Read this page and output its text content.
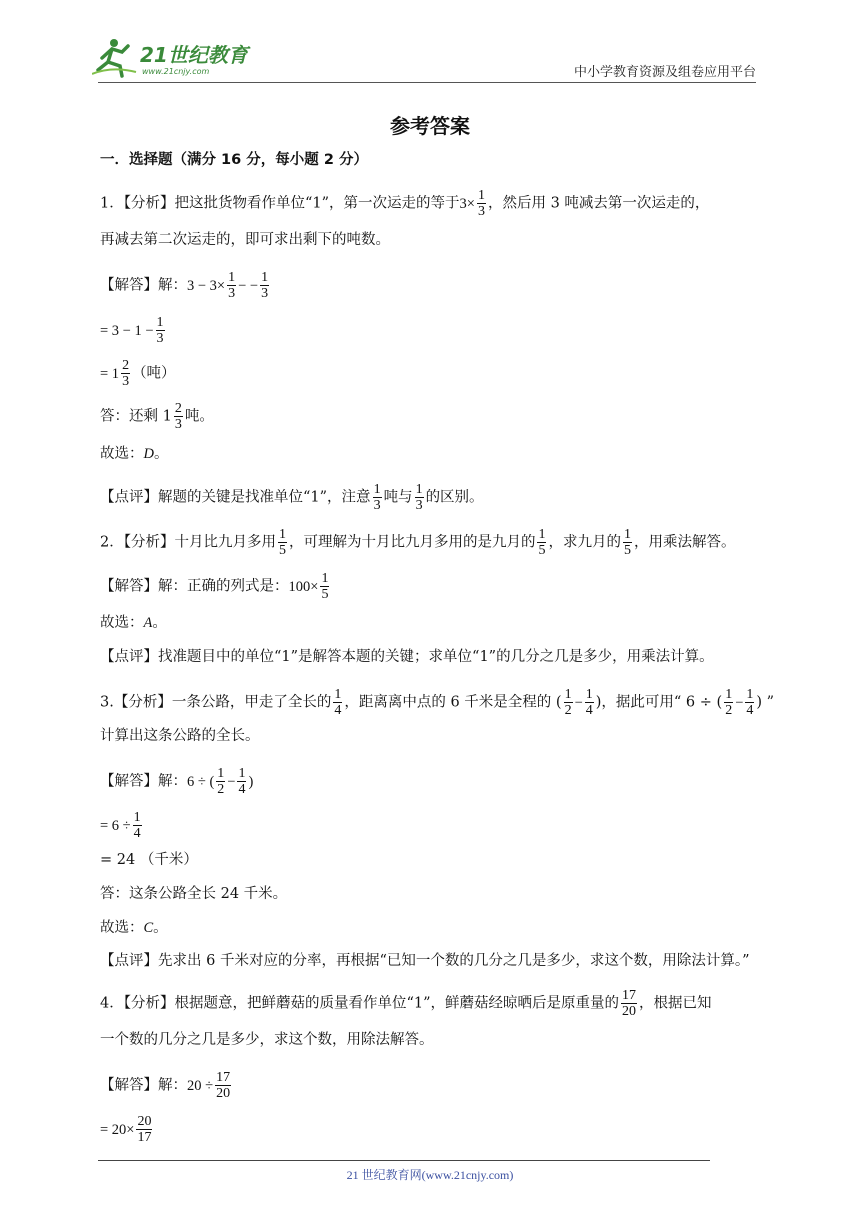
21世纪教育
www.21cnjy.com	中小学教育资源及组卷应用平台
参考答案
一．选择题（满分 16 分，每小题 2 分）
1．【分析】把这批货物看作单位“1”，第一次运走的等于$3\times \frac{1}{3}$ ，然后用 3 吨减去第一次运走的，
再减去第二次运走的，即可求出剩下的吨数。
【解答】解：$3 - 3\times \frac{1}{3}$ − − $\frac{1}{3}$
= $3 - 1 - \frac{1}{3}$
= $1 \frac{2}{3}$ （吨）
答：还剩 $1 \frac{2}{3}$ 吨。
故选：D。
【点评】解题的关键是找准单位“1”，注意 $\frac{1}{3}$ 吨与 $\frac{1}{3}$ 的区别。
2．【分析】十月比九月多用 $\frac{1}{5}$ ，可理解为十月比九月多用的是九月的 $\frac{1}{5}$ ，求九月的 $\frac{1}{5}$ ，用乘法解答。
【解答】解：正确的列式是：$100\times \frac{1}{5}$
故选：A。
【点评】找准题目中的单位“1”是解答本题的关键；求单位“1”的几分之几是多少，用乘法计算。
3.【分析】一条公路，甲走了全长的 $\frac{1}{4}$ ，距离离中点的 6 千米是全程的 ( $\frac{1}{2} - \frac{1}{4}$ )，据此可用“ 6 ÷ ( $\frac{1}{2} - \frac{1}{4}$ ) ”
计算出这条公路的全长。
【解答】解：6 ÷ ( $\frac{1}{2} - \frac{1}{4}$ )
= $6 \div \frac{1}{4}$
= 24 （千米）
答：这条公路全长 24 千米。
故选：C。
【点评】先求出 6 千米对应的分率，再根据“已知一个数的几分之几是多少，求这个数，用除法计算。”
4．【分析】根据题意，把鲜蘑菇的质量看作单位“1”，鲜蘑菇经晾晒后是原重量的 $\frac{17}{20}$ ，根据已知
一个数的几分之几是多少，求这个数，用除法解答。
【解答】解：$20 \div \frac{17}{20}$
= $20\times \frac{20}{17}$
21 世纪教育网(www.21cnjy.com)
